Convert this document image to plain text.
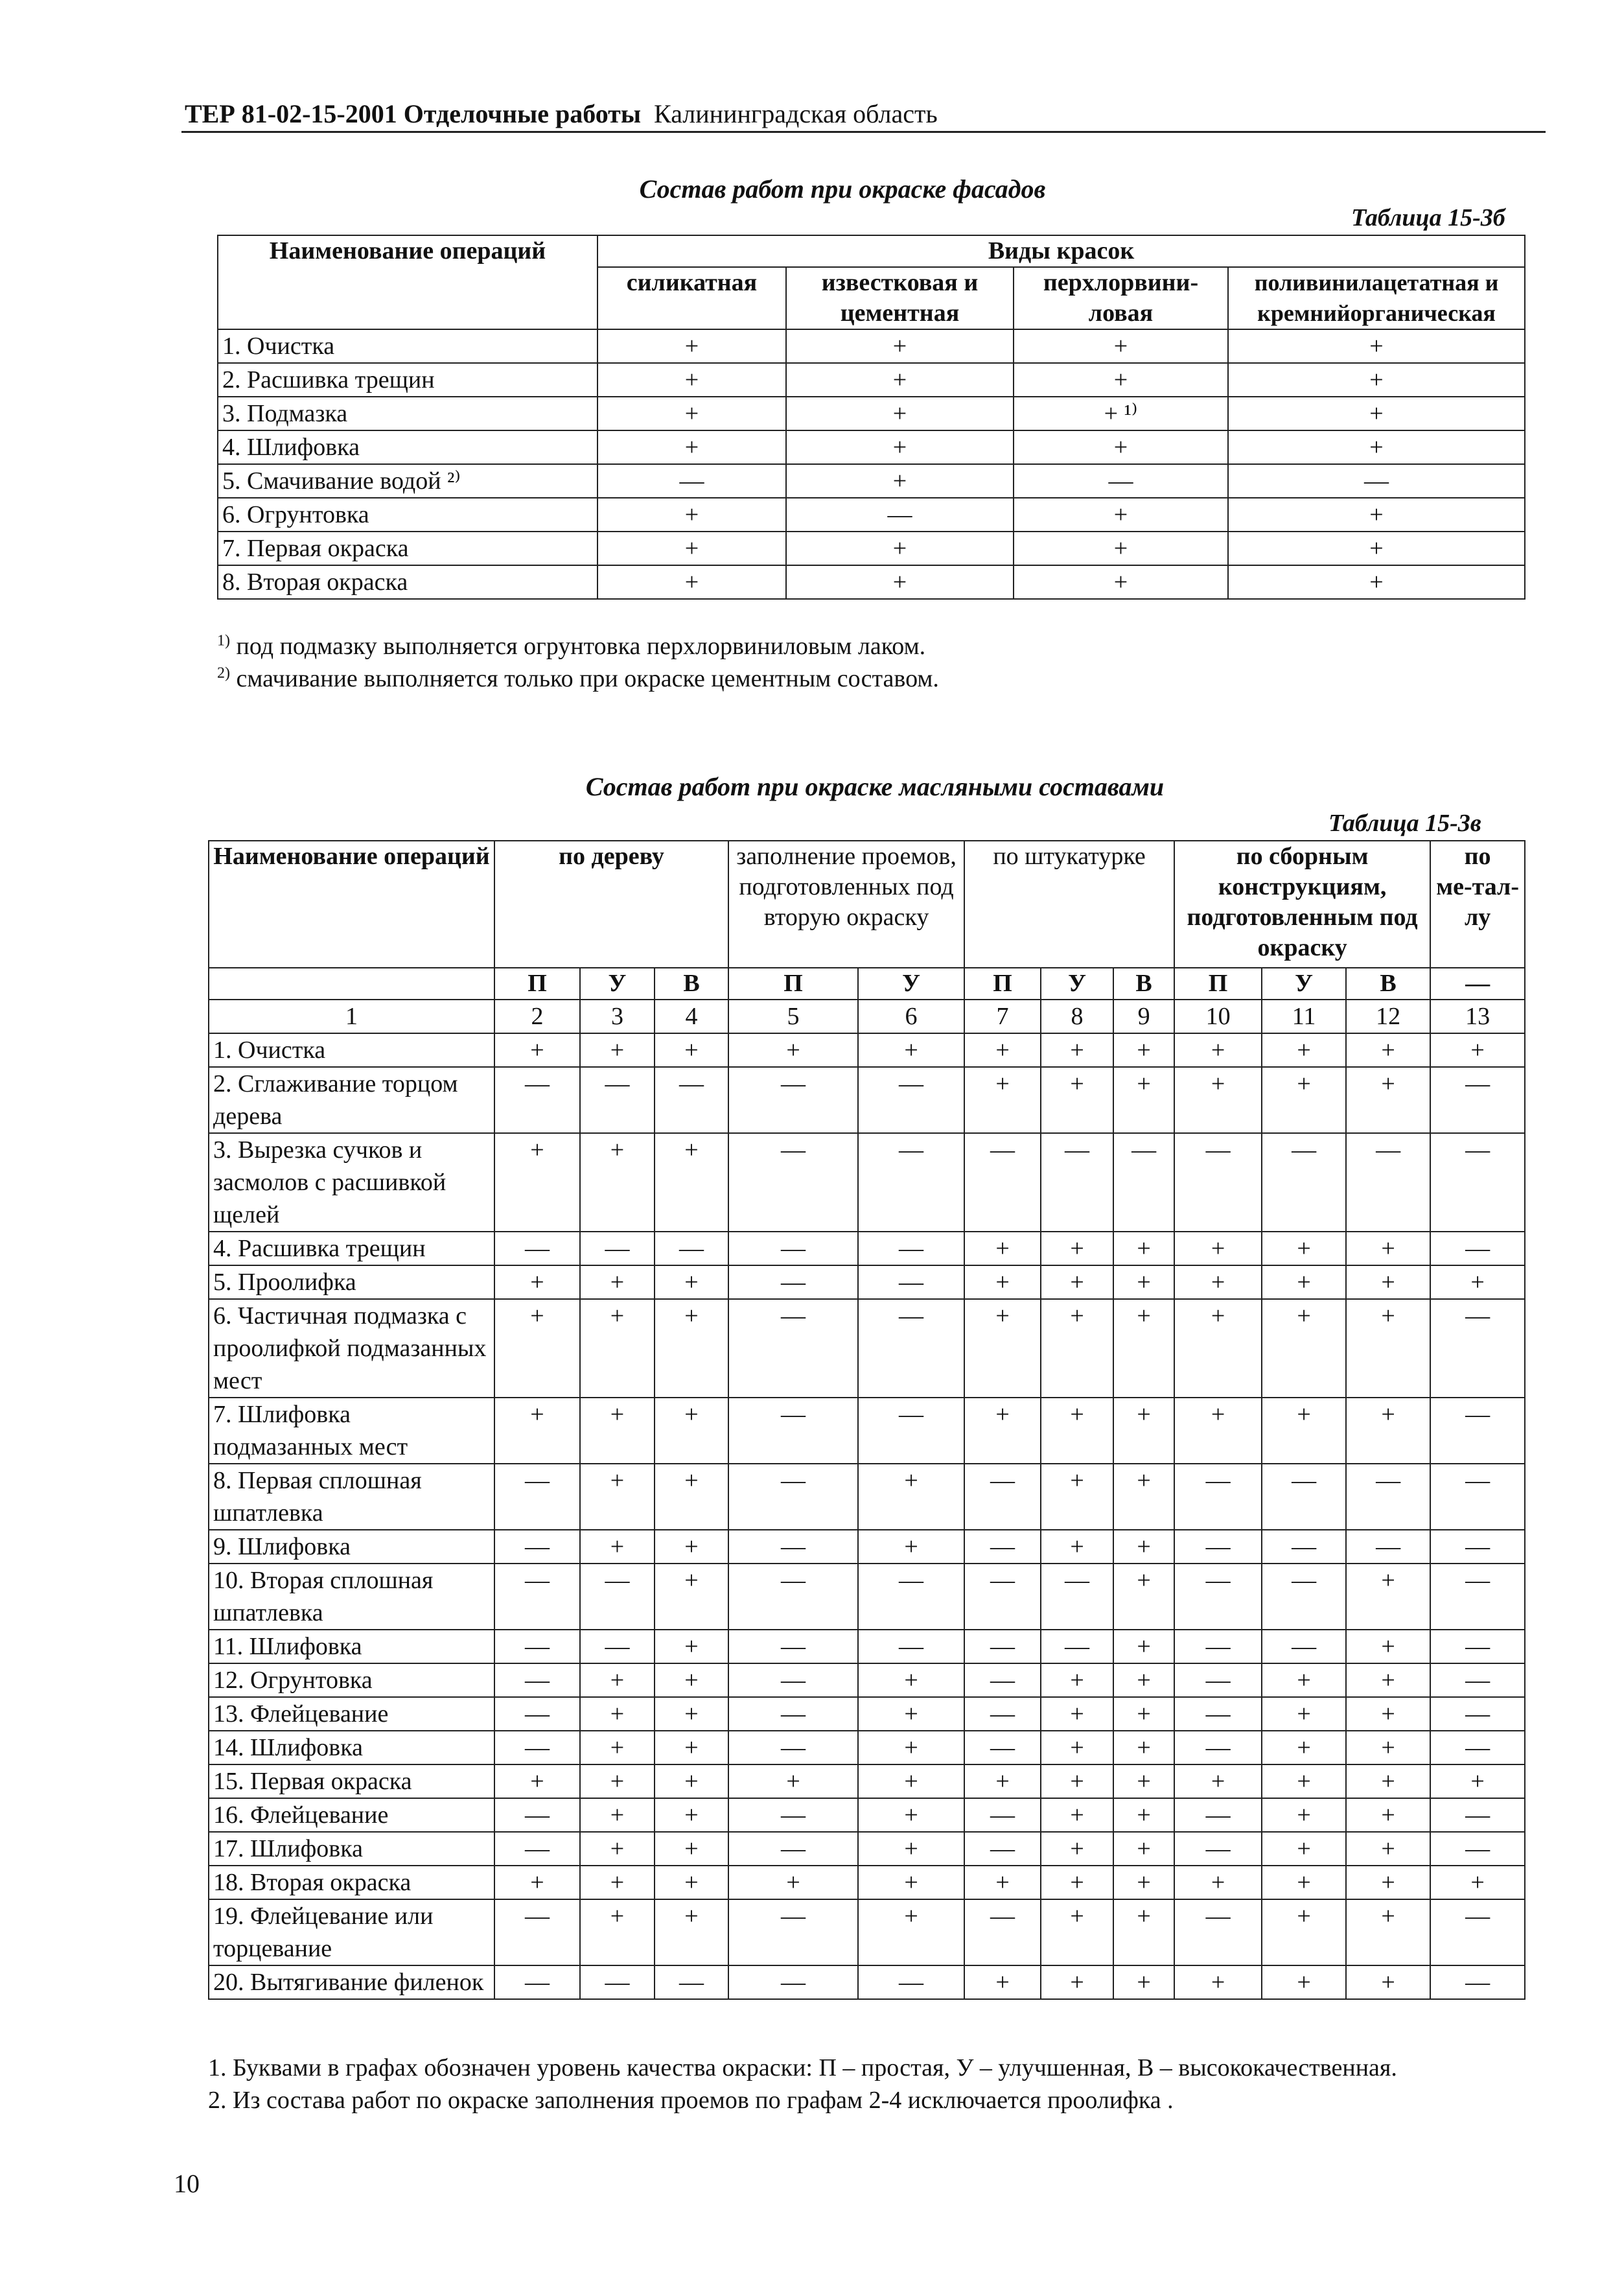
ТЕР 81-02-15-2001 Отделочные работы Калининградская область
Состав работ при окраске фасадов
Таблица 15-3б
Наименование операций	Виды красок			
	силикатная	известковая и цементная	перхлорвини-ловая	поливинилацетатная и кремнийорганическая
1. Очистка	+	+	+	+
2. Расшивка трещин	+	+	+	+
3. Подмазка	+	+	+ ¹⁾	+
4. Шлифовка	+	+	+	+
5. Смачивание водой ²⁾	—	+	—	—
6. Огрунтовка	+	—	+	+
7. Первая окраска	+	+	+	+
8. Вторая окраска	+	+	+	+
$^{1)}$ под подмазку выполняется огрунтовка перхлорвиниловым лаком.
$^{2)}$ смачивание выполняется только при окраске цементным составом.
Состав работ при окраске масляными составами
Таблица 15-3в
Наименование операций	по дереву			заполнение проемов, подготовленных под вторую окраску		по штукатурке			по сборным конструкциям, подготовленным под окраску			по ме-тал-лу
	П	У	В	П	У	П	У	В	П	У	В	—
1	2	3	4	5	6	7	8	9	10	11	12	13
1. Очистка	+	+	+	+	+	+	+	+	+	+	+	+
2. Сглаживание торцом дерева	—	—	—	—	—	+	+	+	+	+	+	—
3. Вырезка сучков и засмолов с расшивкой щелей	+	+	+	—	—	—	—	—	—	—	—	—
4. Расшивка трещин	—	—	—	—	—	+	+	+	+	+	+	—
5. Проолифка	+	+	+	—	—	+	+	+	+	+	+	+
6. Частичная подмазка с проолифкой подмазанных мест	+	+	+	—	—	+	+	+	+	+	+	—
7. Шлифовка подмазанных мест	+	+	+	—	—	+	+	+	+	+	+	—
8. Первая сплошная шпатлевка	—	+	+	—	+	—	+	+	—	—	—	—
9. Шлифовка	—	+	+	—	+	—	+	+	—	—	—	—
10. Вторая сплошная шпатлевка	—	—	+	—	—	—	—	+	—	—	+	—
11. Шлифовка	—	—	+	—	—	—	—	+	—	—	+	—
12. Огрунтовка	—	+	+	—	+	—	+	+	—	+	+	—
13. Флейцевание	—	+	+	—	+	—	+	+	—	+	+	—
14. Шлифовка	—	+	+	—	+	—	+	+	—	+	+	—
15. Первая окраска	+	+	+	+	+	+	+	+	+	+	+	+
16. Флейцевание	—	+	+	—	+	—	+	+	—	+	+	—
17. Шлифовка	—	+	+	—	+	—	+	+	—	+	+	—
18. Вторая окраска	+	+	+	+	+	+	+	+	+	+	+	+
19. Флейцевание или торцевание	—	+	+	—	+	—	+	+	—	+	+	—
20. Вытягивание филенок	—	—	—	—	—	+	+	+	+	+	+	—
1. Буквами в графах обозначен уровень качества окраски: П – простая, У – улучшенная, В – высококачественная.
2. Из состава работ по окраске заполнения проемов по графам 2-4 исключается проолифка .
10
